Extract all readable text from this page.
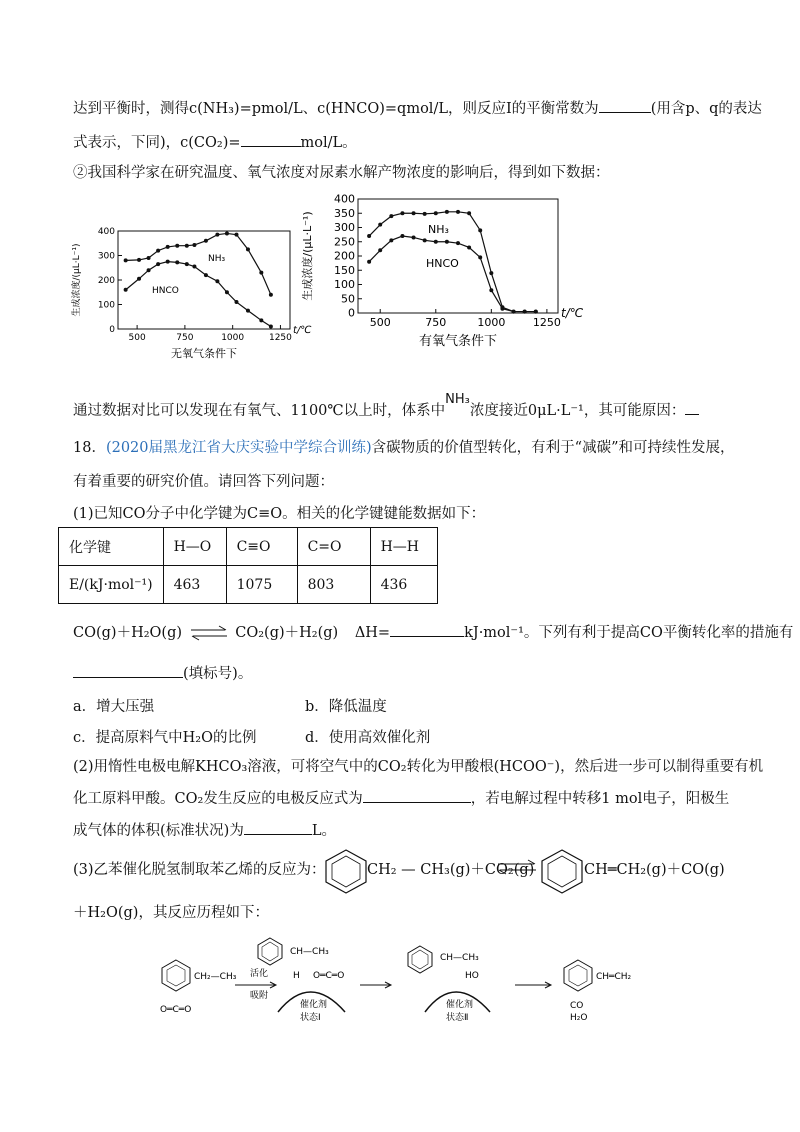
达到平衡时，测得c(NH₃)=pmol/L、c(HNCO)=qmol/L，则反应Ⅰ的平衡常数为	(用含p、q的表达
式表示，下同)，c(CO₂)=	mol/L。
②我国科学家在研究温度、氧气浓度对尿素水解产物浓度的影响后，得到如下数据：
500	750	1000	1250
0
100
200
300
400
NH₃
HNCO
t/℃
生成浓度/(μL·L⁻¹)
无氧气条件下
500	750	1000	1250
0
50
100
150
200
250
300
350
400
NH₃
HNCO
t/℃
生成浓度/(μL·L⁻¹)
有氧气条件下
通过数据对比可以发现在有氧气、1100℃以上时，体系中NH₃浓度接近0μL·L⁻¹，其可能原因：
18．(2020届黑龙江省大庆实验中学综合训练)含碳物质的价值型转化，有利于“减碳”和可持续性发展，
有着重要的研究价值。请回答下列问题：
(1)已知CO分子中化学键为C≡O。相关的化学键键能数据如下：
化学键	H—O	C≡O	C=O	H—H
E/(kJ·mol⁻¹)	463	1075	803	436
CO(g)＋H₂O(g) ⇌ CO₂(g)＋H₂(g) ΔH=	kJ·mol⁻¹。下列有利于提高CO平衡转化率的措施有
(填标号)。
a．增大压强	b．降低温度
c．提高原料气中H₂O的比例	d．使用高效催化剂
(2)用惰性电极电解KHCO₃溶液，可将空气中的CO₂转化为甲酸根(HCOO⁻)，然后进一步可以制得重要有机
化工原料甲酸。CO₂发生反应的电极反应式为	，若电解过程中转移1 mol电子，阳极生
成气体的体积(标准状况)为	L。
(3)乙苯催化脱氢制取苯乙烯的反应为：	CH₂ — CH₃(g)＋CO₂(g)	CH═CH₂(g)＋CO(g)
＋H₂O(g)，其反应历程如下：
CH₂—CH₃
O═C═O
活化
吸附
CH—CH₃
H O═C═O
催化剂
状态Ⅰ
CH—CH₃
HO
催化剂
状态Ⅱ
CH═CH₂
CO
H₂O
